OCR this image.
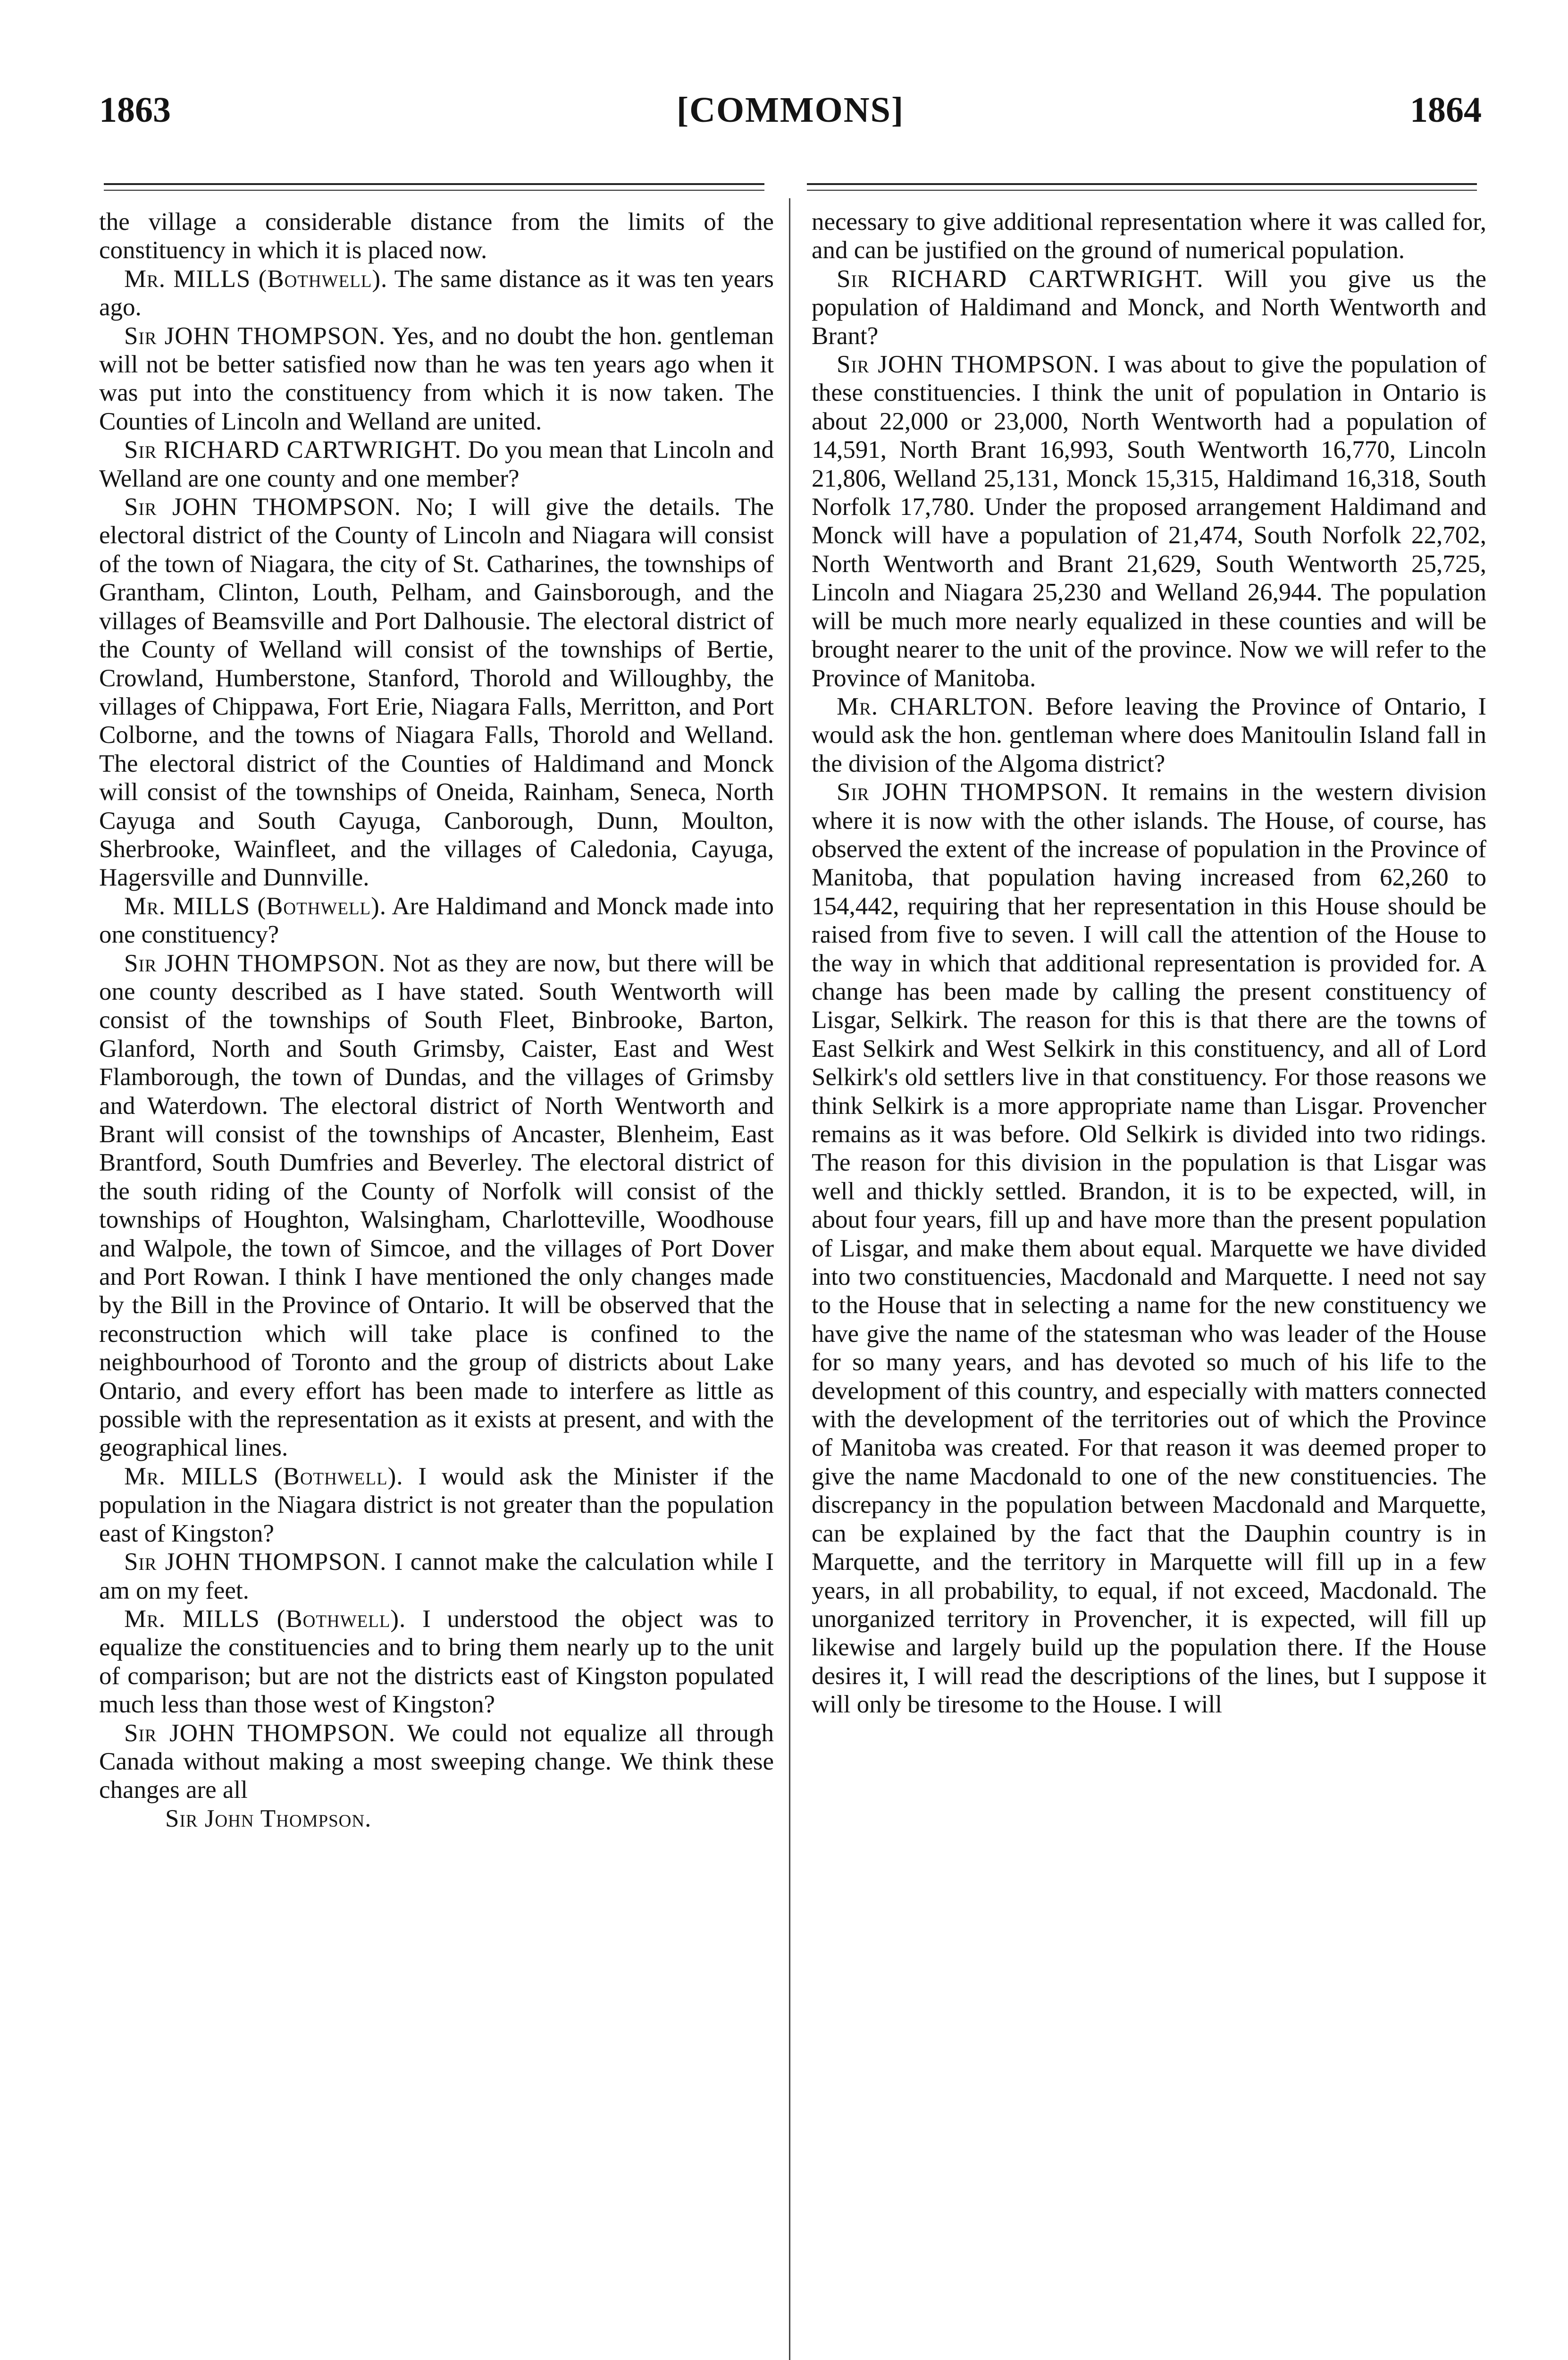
1863	[COMMONS]	1864

the village a considerable distance from the limits of the constituency in which it is placed now.

 Mr. MILLS (Bothwell). The same distance as it was ten years ago.

 Sir JOHN THOMPSON. Yes, and no doubt the hon. gentleman will not be better satisfied now than he was ten years ago when it was put into the constituency from which it is now taken. The Counties of Lincoln and Welland are united.

 Sir RICHARD CARTWRIGHT. Do you mean that Lincoln and Welland are one county and one member?

 Sir JOHN THOMPSON. No; I will give the details. The electoral district of the County of Lincoln and Niagara will consist of the town of Niagara, the city of St. Catharines, the townships of Grantham, Clinton, Louth, Pelham, and Gainsborough, and the villages of Beamsville and Port Dalhousie. The electoral district of the County of Welland will consist of the townships of Bertie, Crowland, Humberstone, Stanford, Thorold and Willoughby, the villages of Chippawa, Fort Erie, Niagara Falls, Merritton, and Port Colborne, and the towns of Niagara Falls, Thorold and Welland. The electoral district of the Counties of Haldimand and Monck will consist of the townships of Oneida, Rainham, Seneca, North Cayuga and South Cayuga, Canborough, Dunn, Moulton, Sherbrooke, Wainfleet, and the villages of Caledonia, Cayuga, Hagersville and Dunnville.

 Mr. MILLS (Bothwell). Are Haldimand and Monck made into one constituency?

 Sir JOHN THOMPSON. Not as they are now, but there will be one county described as I have stated. South Wentworth will consist of the townships of South Fleet, Binbrooke, Barton, Glanford, North and South Grimsby, Caister, East and West Flamborough, the town of Dundas, and the villages of Grimsby and Waterdown. The electoral district of North Wentworth and Brant will consist of the townships of Ancaster, Blenheim, East Brantford, South Dumfries and Beverley. The electoral district of the south riding of the County of Norfolk will consist of the townships of Houghton, Walsingham, Charlotteville, Woodhouse and Walpole, the town of Simcoe, and the villages of Port Dover and Port Rowan. I think I have mentioned the only changes made by the Bill in the Province of Ontario. It will be observed that the reconstruction which will take place is confined to the neighbourhood of Toronto and the group of districts about Lake Ontario, and every effort has been made to interfere as little as possible with the representation as it exists at present, and with the geographical lines.

 Mr. MILLS (Bothwell). I would ask the Minister if the population in the Niagara district is not greater than the population east of Kingston?

 Sir JOHN THOMPSON. I cannot make the calculation while I am on my feet.

 Mr. MILLS (Bothwell). I understood the object was to equalize the constituencies and to bring them nearly up to the unit of comparison; but are not the districts east of Kingston populated much less than those west of Kingston?

 Sir JOHN THOMPSON. We could not equalize all through Canada without making a most sweeping change. We think these changes are all

Sir John Thompson.

necessary to give additional representation where it was called for, and can be justified on the ground of numerical population.

 Sir RICHARD CARTWRIGHT. Will you give us the population of Haldimand and Monck, and North Wentworth and Brant?

 Sir JOHN THOMPSON. I was about to give the population of these constituencies. I think the unit of population in Ontario is about 22,000 or 23,000, North Wentworth had a population of 14,591, North Brant 16,993, South Wentworth 16,770, Lincoln 21,806, Welland 25,131, Monck 15,315, Haldimand 16,318, South Norfolk 17,780. Under the proposed arrangement Haldimand and Monck will have a population of 21,474, South Norfolk 22,702, North Wentworth and Brant 21,629, South Wentworth 25,725, Lincoln and Niagara 25,230 and Welland 26,944. The population will be much more nearly equalized in these counties and will be brought nearer to the unit of the province. Now we will refer to the Province of Manitoba.

 Mr. CHARLTON. Before leaving the Province of Ontario, I would ask the hon. gentleman where does Manitoulin Island fall in the division of the Algoma district?

 Sir JOHN THOMPSON. It remains in the western division where it is now with the other islands. The House, of course, has observed the extent of the increase of population in the Province of Manitoba, that population having increased from 62,260 to 154,442, requiring that her representation in this House should be raised from five to seven. I will call the attention of the House to the way in which that additional representation is provided for. A change has been made by calling the present constituency of Lisgar, Selkirk. The reason for this is that there are the towns of East Selkirk and West Selkirk in this constituency, and all of Lord Selkirk's old settlers live in that constituency. For those reasons we think Selkirk is a more appropriate name than Lisgar. Provencher remains as it was before. Old Selkirk is divided into two ridings. The reason for this division in the population is that Lisgar was well and thickly settled. Brandon, it is to be expected, will, in about four years, fill up and have more than the present population of Lisgar, and make them about equal. Marquette we have divided into two constituencies, Macdonald and Marquette. I need not say to the House that in selecting a name for the new constituency we have give the name of the statesman who was leader of the House for so many years, and has devoted so much of his life to the development of this country, and especially with matters connected with the development of the territories out of which the Province of Manitoba was created. For that reason it was deemed proper to give the name Macdonald to one of the new constituencies. The discrepancy in the population between Macdonald and Marquette, can be explained by the fact that the Dauphin country is in Marquette, and the territory in Marquette will fill up in a few years, in all probability, to equal, if not exceed, Macdonald. The unorganized territory in Provencher, it is expected, will fill up likewise and largely build up the population there. If the House desires it, I will read the descriptions of the lines, but I suppose it will only be tiresome to the House. I will
